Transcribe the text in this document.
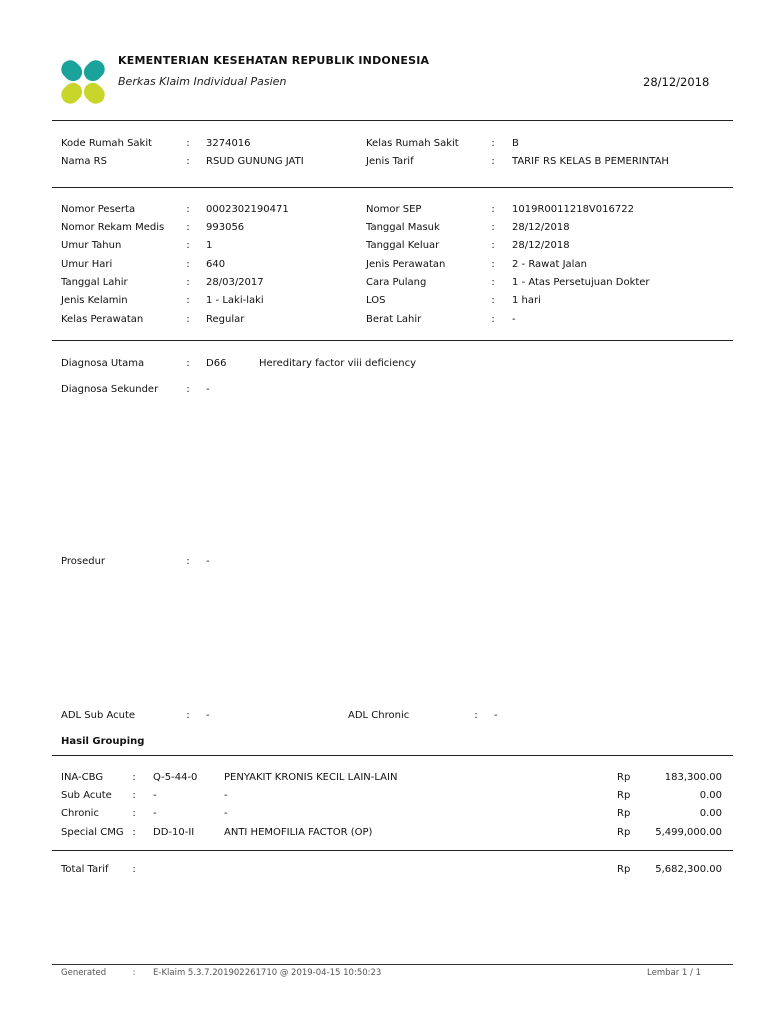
KEMENTERIAN KESEHATAN REPUBLIK INDONESIA
Berkas Klaim Individual Pasien	28/12/2018
Kode Rumah Sakit	: 3274016	Kelas Rumah Sakit	: B
Nama RS	: RSUD GUNUNG JATI	Jenis Tarif	: TARIF RS KELAS B PEMERINTAH
Nomor Peserta	: 0002302190471
Nomor Rekam Medis : 993056
Umur Tahun	: 1
Umur Hari	: 640
Tanggal Lahir	: 28/03/2017
Jenis Kelamin	: 1 - Laki-laki
Kelas Perawatan	: Regular
Nomor SEP	: 1019R0011218V016722
Tanggal Masuk	: 28/12/2018
Tanggal Keluar	: 28/12/2018
Jenis Perawatan	: 2 - Rawat Jalan
Cara Pulang	: 1 - Atas Persetujuan Dokter
LOS	: 1 hari
Berat Lahir	: -
Diagnosa Utama	: D66	Hereditary factor viii deficiency
Diagnosa Sekunder	: -
Prosedur	: -
ADL Sub Acute	: -	ADL Chronic	: -
Hasil Grouping
INA-CBG	: Q-5-44-0	PENYAKIT KRONIS KECIL LAIN-LAIN	Rp	183,300.00
Sub Acute : -	-	Rp	0.00
Chronic	: -	-	Rp	0.00
Special CMG : DD-10-II	ANTI HEMOFILIA FACTOR (OP)	Rp	5,499,000.00
Total Tarif :	Rp	5,682,300.00
Generated	:	E-Klaim 5.3.7.201902261710 @ 2019-04-15 10:50:23	Lembar 1 / 1
